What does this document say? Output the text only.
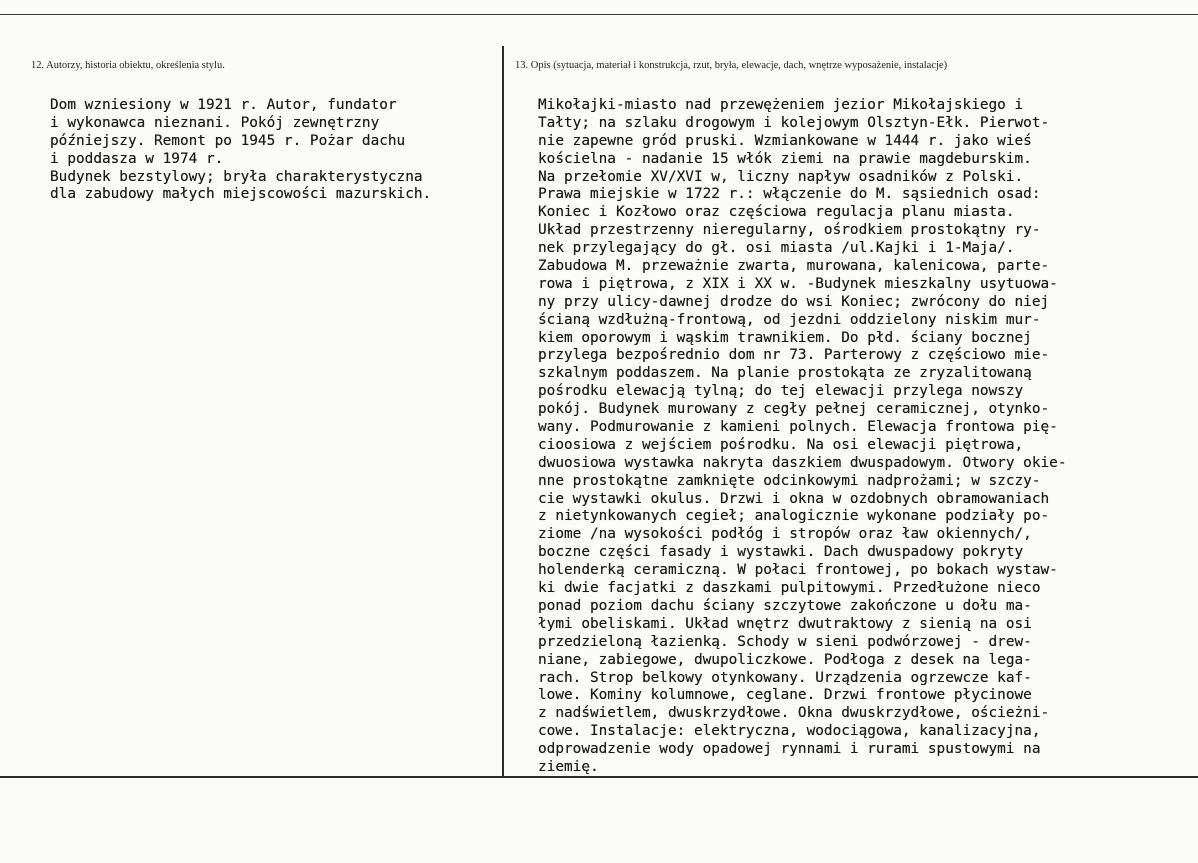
12. Autorzy, historia obiektu, określenia stylu.	13. Opis (sytuacja, materiał i konstrukcja, rzut, bryła, elewacje, dach, wnętrze wyposażenie, instalacje)
Dom wzniesiony w 1921 r. Autor, fundator
i wykonawca nieznani. Pokój zewnętrzny
późniejszy. Remont po 1945 r. Pożar dachu
i poddasza w 1974 r.
Budynek bezstylowy; bryła charakterystyczna
dla zabudowy małych miejscowości mazurskich.
Mikołajki-miasto nad przewężeniem jezior Mikołajskiego i
Tałty; na szlaku drogowym i kolejowym Olsztyn-Ełk. Pierwot-
nie zapewne gród pruski. Wzmiankowane w 1444 r. jako wieś
kościelna - nadanie 15 włók ziemi na prawie magdeburskim.
Na przełomie XV/XVI w, liczny napływ osadników z Polski.
Prawa miejskie w 1722 r.: włączenie do M. sąsiednich osad:
Koniec i Kozłowo oraz częściowa regulacja planu miasta.
Układ przestrzenny nieregularny, ośrodkiem prostokątny ry-
nek przylegający do gł. osi miasta /ul.Kajki i 1-Maja/.
Zabudowa M. przeważnie zwarta, murowana, kalenicowa, parte-
rowa i piętrowa, z XIX i XX w. -Budynek mieszkalny usytuowa-
ny przy ulicy-dawnej drodze do wsi Koniec; zwrócony do niej
ścianą wzdłużną-frontową, od jezdni oddzielony niskim mur-
kiem oporowym i wąskim trawnikiem. Do płd. ściany bocznej
przylega bezpośrednio dom nr 73. Parterowy z częściowo mie-
szkalnym poddaszem. Na planie prostokąta ze zryzalitowaną
pośrodku elewacją tylną; do tej elewacji przylega nowszy
pokój. Budynek murowany z cegły pełnej ceramicznej, otynko-
wany. Podmurowanie z kamieni polnych. Elewacja frontowa pię-
cioosiowa z wejściem pośrodku. Na osi elewacji piętrowa,
dwuosiowa wystawka nakryta daszkiem dwuspadowym. Otwory okie-
nne prostokątne zamknięte odcinkowymi nadprożami; w szczy-
cie wystawki okulus. Drzwi i okna w ozdobnych obramowaniach
z nietynkowanych cegieł; analogicznie wykonane podziały po-
ziome /na wysokości podłóg i stropów oraz ław okiennych/,
boczne części fasady i wystawki. Dach dwuspadowy pokryty
holenderką ceramiczną. W połaci frontowej, po bokach wystaw-
ki dwie facjatki z daszkami pulpitowymi. Przedłużone nieco
ponad poziom dachu ściany szczytowe zakończone u dołu ma-
łymi obeliskami. Układ wnętrz dwutraktowy z sienią na osi
przedzieloną łazienką. Schody w sieni podwórzowej - drew-
niane, zabiegowe, dwupoliczkowe. Podłoga z desek na lega-
rach. Strop belkowy otynkowany. Urządzenia ogrzewcze kaf-
lowe. Kominy kolumnowe, ceglane. Drzwi frontowe płycinowe
z nadświetlem, dwuskrzydłowe. Okna dwuskrzydłowe, ościeżni-
cowe. Instalacje: elektryczna, wodociągowa, kanalizacyjna,
odprowadzenie wody opadowej rynnami i rurami spustowymi na
ziemię.
